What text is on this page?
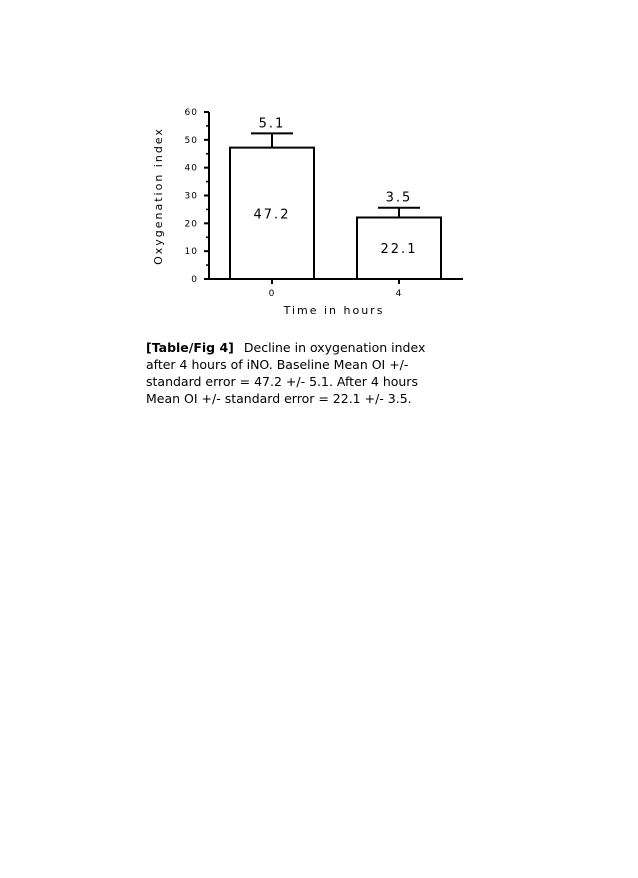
0
10
20
30
40
50
60
0	4
5.1
47.2
3.5
22.1
Oxygenation index
Time in hours

[Table/Fig 4] Decline in oxygenation index after 4 hours of iNO. Baseline Mean OI +/- standard error = 47.2 +/- 5.1. After 4 hours Mean OI +/- standard error = 22.1 +/- 3.5.
